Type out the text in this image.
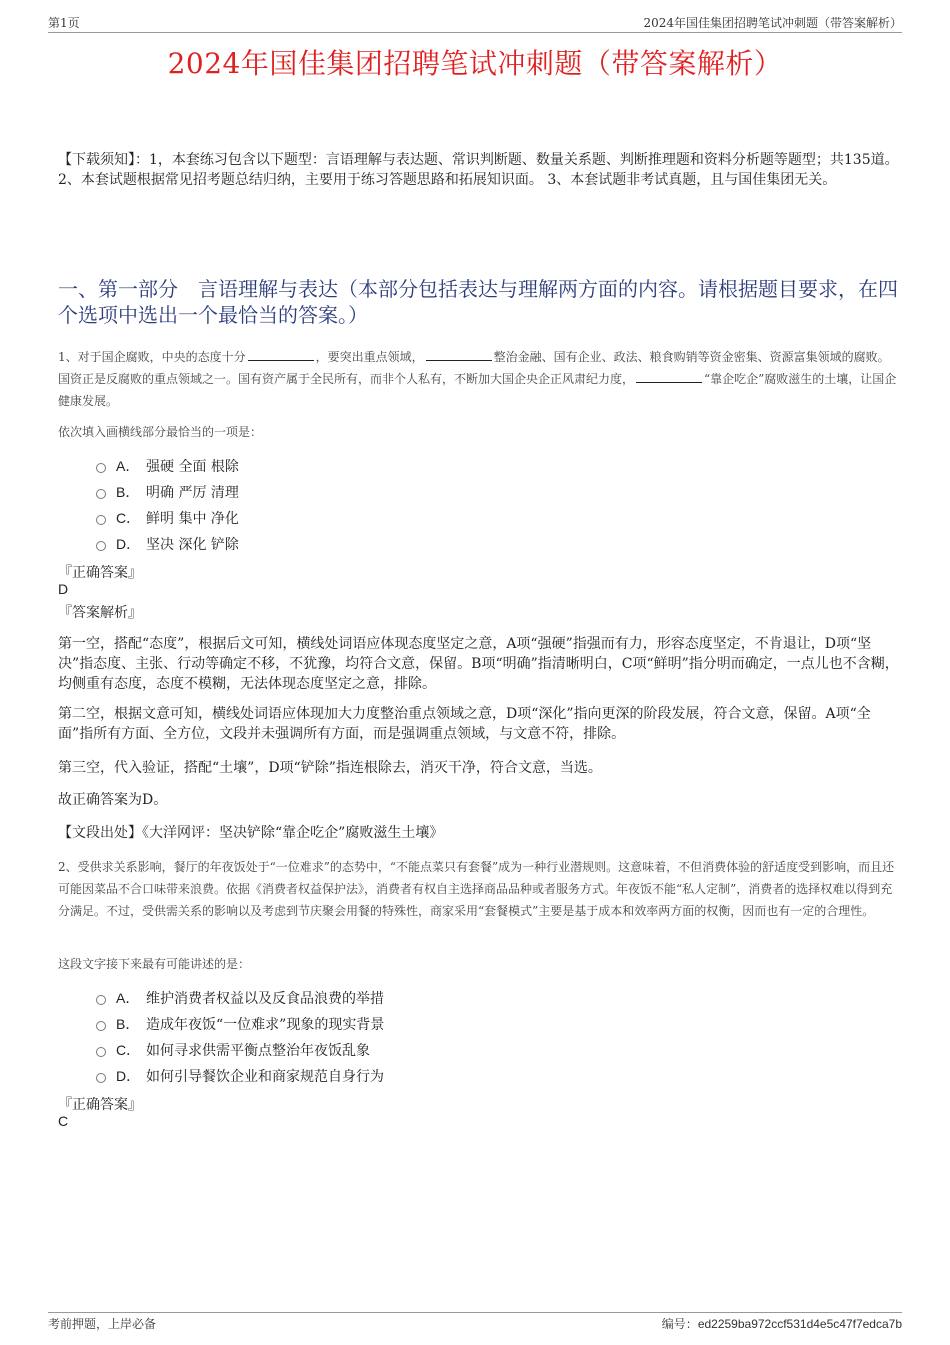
第1页	2024年国佳集团招聘笔试冲刺题（带答案解析）
2024年国佳集团招聘笔试冲刺题（带答案解析）
【下载须知】：1，本套练习包含以下题型：言语理解与表达题、常识判断题、数量关系题、判断推理题和资料分析题等题型；共135道。 2、本套试题根据常见招考题总结归纳，主要用于练习答题思路和拓展知识面。 3、本套试题非考试真题，且与国佳集团无关。
一、第一部分　言语理解与表达（本部分包括表达与理解两方面的内容。请根据题目要求，在四个选项中选出一个最恰当的答案。）
1、对于国企腐败，中央的态度十分	，要突出重点领域，	整治金融、国有企业、政法、粮食购销等资金密集、资源富集领域的腐败。国资正是反腐败的重点领域之一。国有资产属于全民所有，而非个人私有，不断加大国企央企正风肃纪力度，	“靠企吃企”腐败滋生的土壤，让国企健康发展。
依次填入画横线部分最恰当的一项是：
A． 强硬 全面 根除
B． 明确 严厉 清理
C． 鲜明 集中 净化
D． 坚决 深化 铲除
『正确答案』
D
『答案解析』
第一空，搭配“态度”，根据后文可知，横线处词语应体现态度坚定之意，A项“强硬”指强而有力，形容态度坚定，不肯退让，D项“坚决”指态度、主张、行动等确定不移，不犹豫，均符合文意，保留。B项“明确”指清晰明白，C项“鲜明”指分明而确定，一点儿也不含糊，均侧重有态度，态度不模糊，无法体现态度坚定之意，排除。
第二空，根据文意可知，横线处词语应体现加大力度整治重点领域之意，D项“深化”指向更深的阶段发展，符合文意，保留。A项“全面”指所有方面、全方位，文段并未强调所有方面，而是强调重点领域，与文意不符，排除。
第三空，代入验证，搭配“土壤”，D项“铲除”指连根除去，消灭干净，符合文意，当选。
故正确答案为D。
【文段出处】《大洋网评：坚决铲除“靠企吃企”腐败滋生土壤》
2、受供求关系影响，餐厅的年夜饭处于“一位难求”的态势中，“不能点菜只有套餐”成为一种行业潜规则。这意味着，不但消费体验的舒适度受到影响，而且还可能因菜品不合口味带来浪费。依据《消费者权益保护法》，消费者有权自主选择商品品种或者服务方式。年夜饭不能“私人定制”，消费者的选择权难以得到充分满足。不过，受供需关系的影响以及考虑到节庆聚会用餐的特殊性，商家采用“套餐模式”主要是基于成本和效率两方面的权衡，因而也有一定的合理性。
这段文字接下来最有可能讲述的是：
A． 维护消费者权益以及反食品浪费的举措
B． 造成年夜饭“一位难求”现象的现实背景
C． 如何寻求供需平衡点整治年夜饭乱象
D． 如何引导餐饮企业和商家规范自身行为
『正确答案』
C
考前押题，上岸必备	编号：ed2259ba972ccf531d4e5c47f7edca7b
